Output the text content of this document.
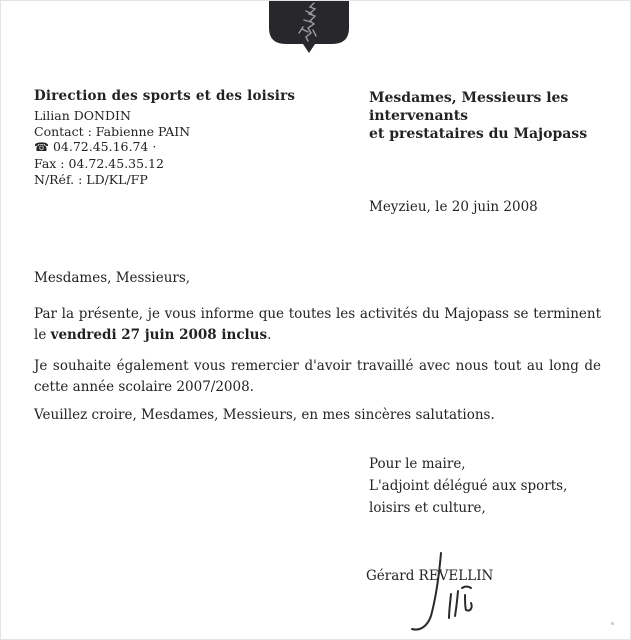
Direction des sports et des loisirs
Lilian DONDIN
Contact : Fabienne PAIN
☎ 04.72.45.16.74 ·
Fax : 04.72.45.35.12
N/Réf. : LD/KL/FP
Mesdames, Messieurs les intervenants
et prestataires du Majopass
Meyzieu, le 20 juin 2008
Mesdames, Messieurs,

Par la présente, je vous informe que toutes les activités du Majopass se terminent le vendredi 27 juin 2008 inclus.

Je souhaite également vous remercier d'avoir travaillé avec nous tout au long de cette année scolaire 2007/2008.

Veuillez croire, Mesdames, Messieurs, en mes sincères salutations.
Pour le maire,
L'adjoint délégué aux sports,
loisirs et culture,
Gérard REVELLIN
